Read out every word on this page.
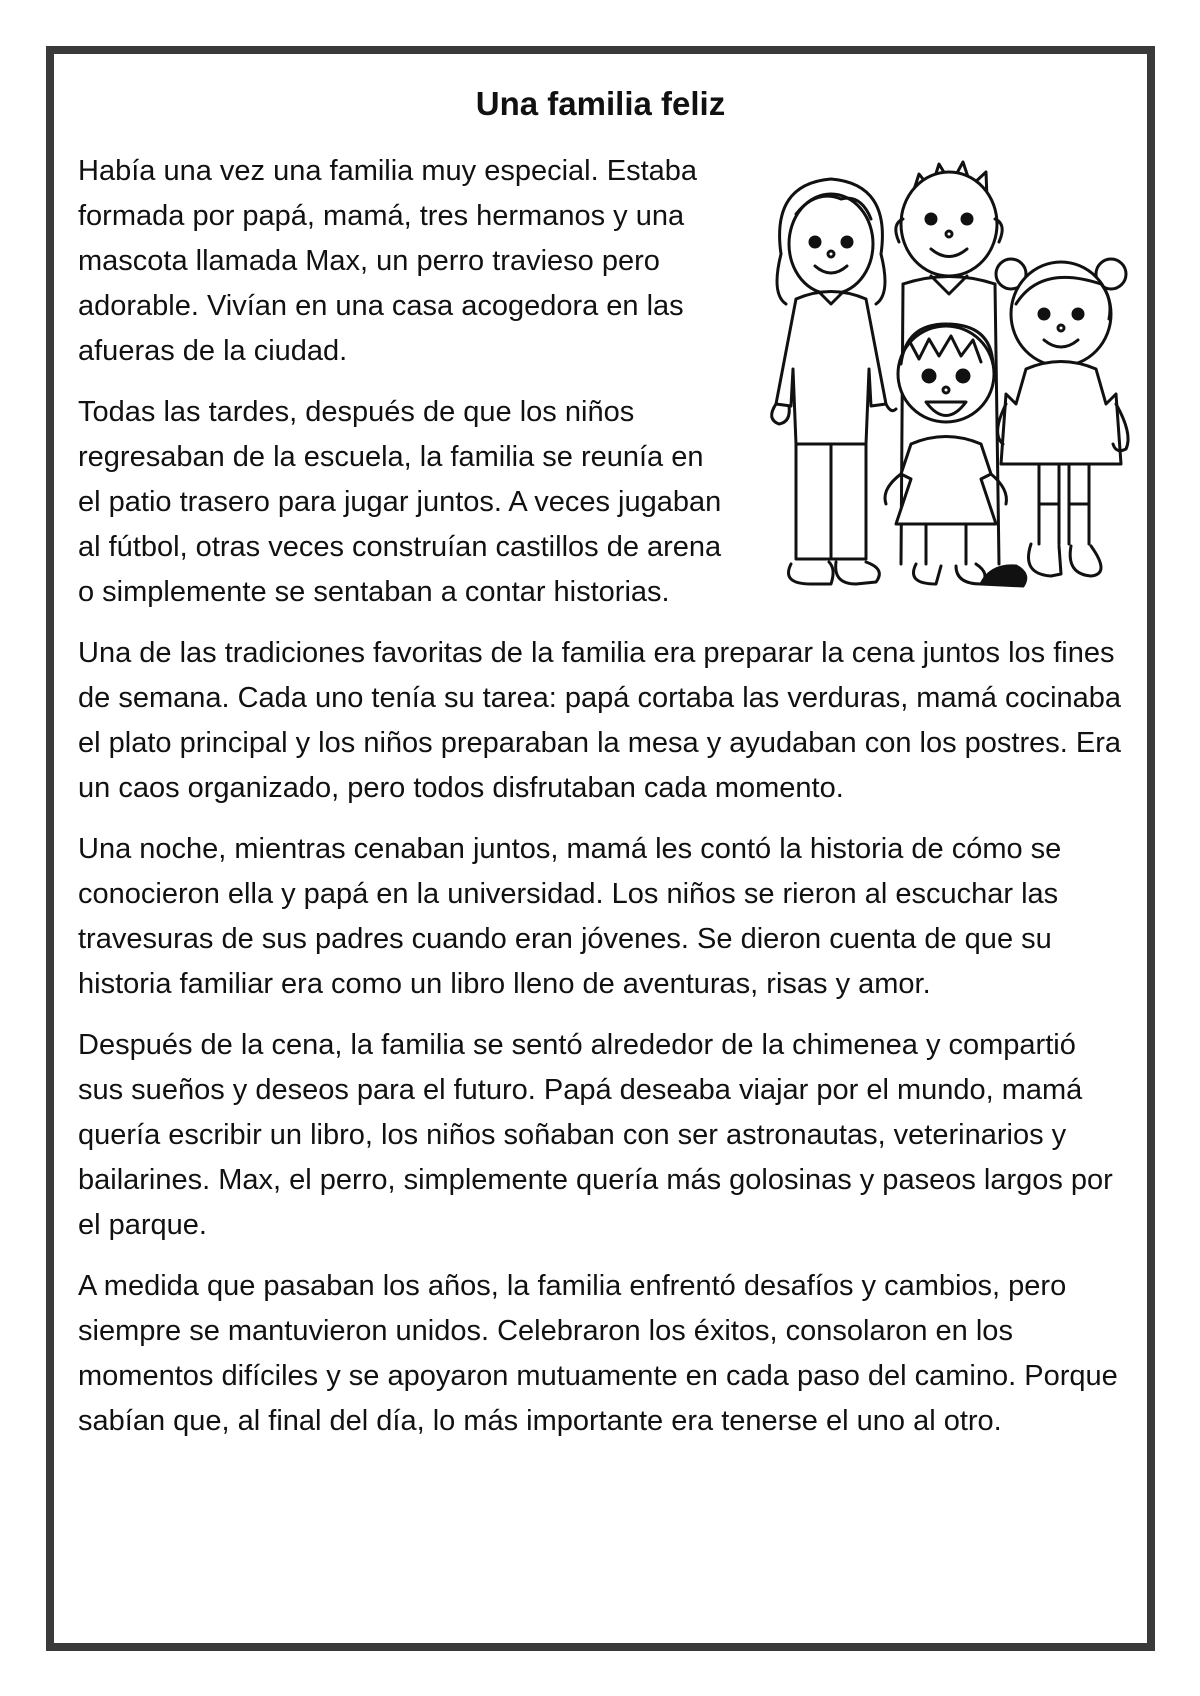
Una familia feliz

Había una vez una familia muy especial. Estaba formada por papá, mamá, tres hermanos y una mascota llamada Max, un perro travieso pero adorable. Vivían en una casa acogedora en las afueras de la ciudad.

Todas las tardes, después de que los niños regresaban de la escuela, la familia se reunía en el patio trasero para jugar juntos. A veces jugaban al fútbol, otras veces construían castillos de arena o simplemente se sentaban a contar historias.

Una de las tradiciones favoritas de la familia era preparar la cena juntos los fines de semana. Cada uno tenía su tarea: papá cortaba las verduras, mamá cocinaba el plato principal y los niños preparaban la mesa y ayudaban con los postres. Era un caos organizado, pero todos disfrutaban cada momento.

Una noche, mientras cenaban juntos, mamá les contó la historia de cómo se conocieron ella y papá en la universidad. Los niños se rieron al escuchar las travesuras de sus padres cuando eran jóvenes. Se dieron cuenta de que su historia familiar era como un libro lleno de aventuras, risas y amor.

Después de la cena, la familia se sentó alrededor de la chimenea y compartió sus sueños y deseos para el futuro. Papá deseaba viajar por el mundo, mamá quería escribir un libro, los niños soñaban con ser astronautas, veterinarios y bailarines. Max, el perro, simplemente quería más golosinas y paseos largos por el parque.

A medida que pasaban los años, la familia enfrentó desafíos y cambios, pero siempre se mantuvieron unidos. Celebraron los éxitos, consolaron en los momentos difíciles y se apoyaron mutuamente en cada paso del camino. Porque sabían que, al final del día, lo más importante era tenerse el uno al otro.
